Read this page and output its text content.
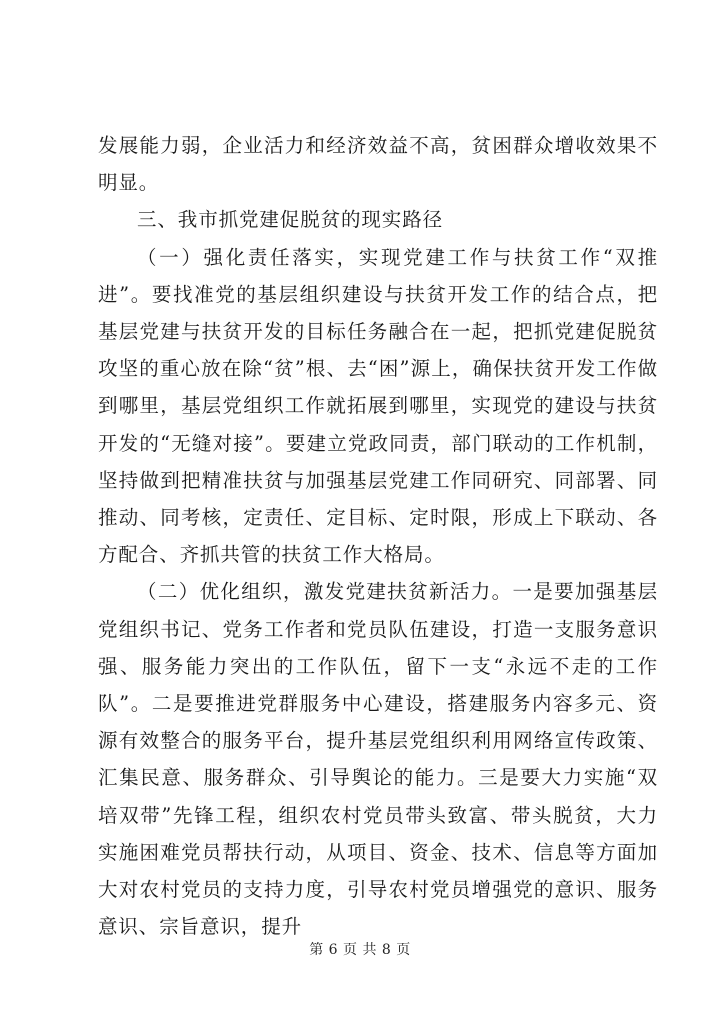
发展能力弱，企业活力和经济效益不高，贫困群众增收效果不明显。

三、我市抓党建促脱贫的现实路径

（一）强化责任落实，实现党建工作与扶贫工作“双推进”。要找准党的基层组织建设与扶贫开发工作的结合点，把基层党建与扶贫开发的目标任务融合在一起，把抓党建促脱贫攻坚的重心放在除“贫”根、去“困”源上，确保扶贫开发工作做到哪里，基层党组织工作就拓展到哪里，实现党的建设与扶贫开发的“无缝对接”。要建立党政同责，部门联动的工作机制，坚持做到把精准扶贫与加强基层党建工作同研究、同部署、同推动、同考核，定责任、定目标、定时限，形成上下联动、各方配合、齐抓共管的扶贫工作大格局。

（二）优化组织，激发党建扶贫新活力。一是要加强基层党组织书记、党务工作者和党员队伍建设，打造一支服务意识强、服务能力突出的工作队伍，留下一支“永远不走的工作队”。二是要推进党群服务中心建设，搭建服务内容多元、资源有效整合的服务平台，提升基层党组织利用网络宣传政策、汇集民意、服务群众、引导舆论的能力。三是要大力实施“双培双带”先锋工程，组织农村党员带头致富、带头脱贫，大力实施困难党员帮扶行动，从项目、资金、技术、信息等方面加大对农村党员的支持力度，引导农村党员增强党的意识、服务意识、宗旨意识，提升

第 6 页 共 8 页
